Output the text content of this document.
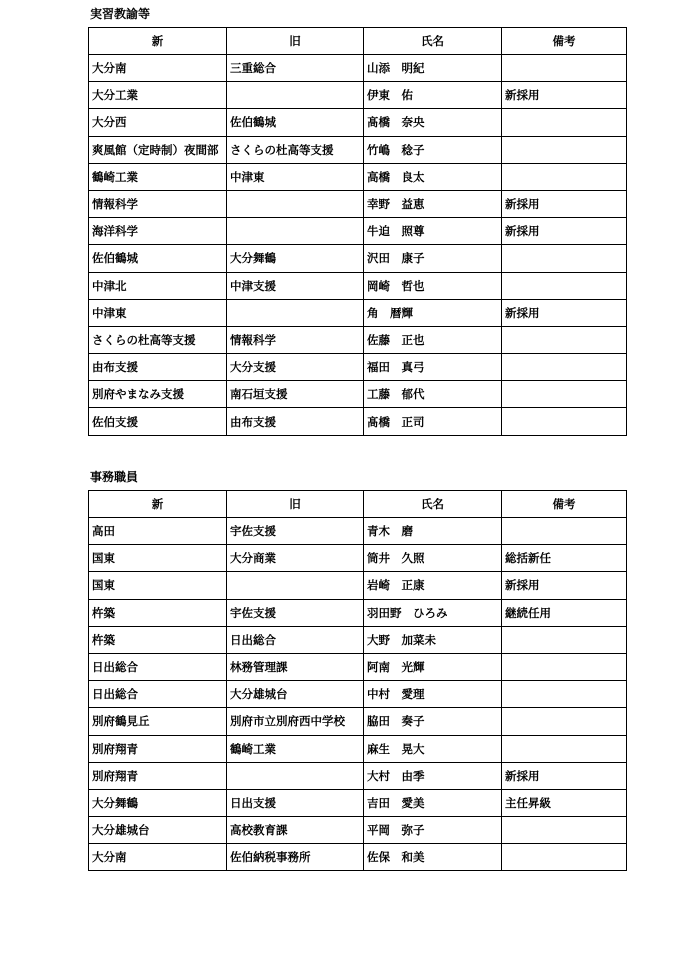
実習教諭等
新	旧	氏名	備考
大分南	三重総合	山添　明紀	
大分工業		伊東　佑	新採用
大分西	佐伯鶴城	髙橋　奈央	
爽風館（定時制）夜間部	さくらの杜高等支援	竹嶋　稔子	
鶴崎工業	中津東	高橋　良太	
情報科学		幸野　益恵	新採用
海洋科学		牛迫　照尊	新採用
佐伯鶴城	大分舞鶴	沢田　康子	
中津北	中津支援	岡崎　哲也	
中津東		角　暦輝	新採用
さくらの杜高等支援	情報科学	佐藤　正也	
由布支援	大分支援	福田　真弓	
別府やまなみ支援	南石垣支援	工藤　郁代	
佐伯支援	由布支援	髙橋　正司	
事務職員
新	旧	氏名	備考
高田	宇佐支援	青木　磨	
国東	大分商業	筒井　久照	総括新任
国東		岩崎　正康	新採用
杵築	宇佐支援	羽田野　ひろみ	継続任用
杵築	日出総合	大野　加菜未	
日出総合	林務管理課	阿南　光輝	
日出総合	大分雄城台	中村　愛理	
別府鶴見丘	別府市立別府西中学校	脇田　奏子	
別府翔青	鶴崎工業	麻生　晃大	
別府翔青		大村　由季	新採用
大分舞鶴	日出支援	吉田　愛美	主任昇級
大分雄城台	高校教育課	平岡　弥子	
大分南	佐伯納税事務所	佐保　和美	
